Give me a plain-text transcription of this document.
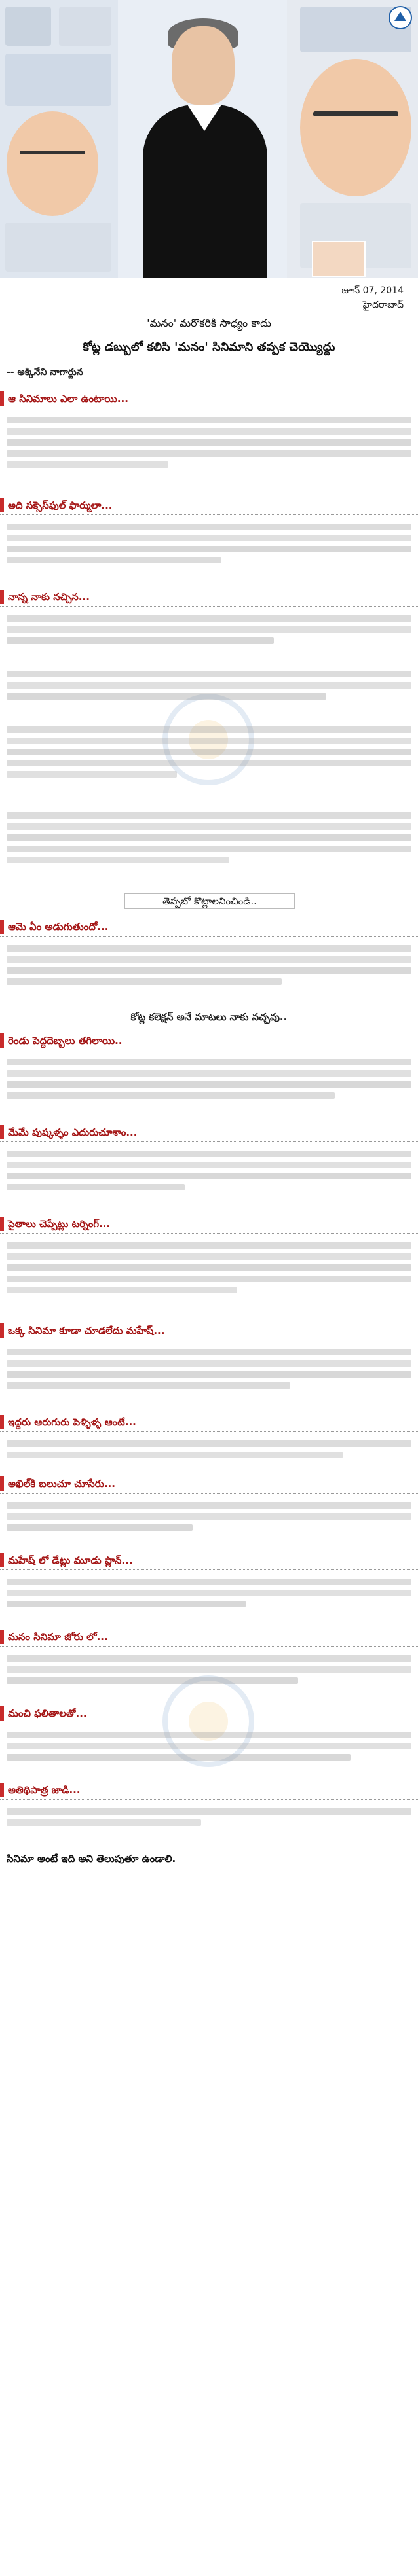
జూన్ 07, 2014
హైదరాబాద్
'మనం' మరొకరికి సాధ్యం కాదు
కోట్ల డబ్బులో కలిసి 'మనం' సినిమాని తప్పక చెయ్యొద్దు
-- అక్కినేని నాగార్జున
ఆ సినిమాలు ఎలా ఉంటాయి...
అది సక్సెస్‌ఫుల్ ఫార్ములా...
నాన్న నాకు నచ్చిన...
తెప్పబో కొట్లాలనించిండి..
ఆమె ఏం అడుగుతుందో...
కోట్ల కలెక్షన్ అనే మాటలు నాకు నచ్చవు..
రెండు పెద్దదెబ్బలు తగిలాయి..
మేమే పుష్కళ్ళం ఎదురుచూశాం...
పైతాలు చెప్పేట్లు టర్నింగ్...
ఒక్క సినిమా కూడా చూడలేదు మహేష్...
ఇద్దరు ఆరుగురు పెళ్ళిళ్ళ ఆంటే...
అఖిల్‌కి బలుచూ చూసేరు...
మహేష్ లో డేట్లు మూడు ప్లాన్...
మనం సినిమా జోరు లో...
మంచి ఫలితాలతో...
అతిథిపాత్ర జాడి...
సినిమా అంటే ఇది అని తెలుపుతూ ఉండాలి.
